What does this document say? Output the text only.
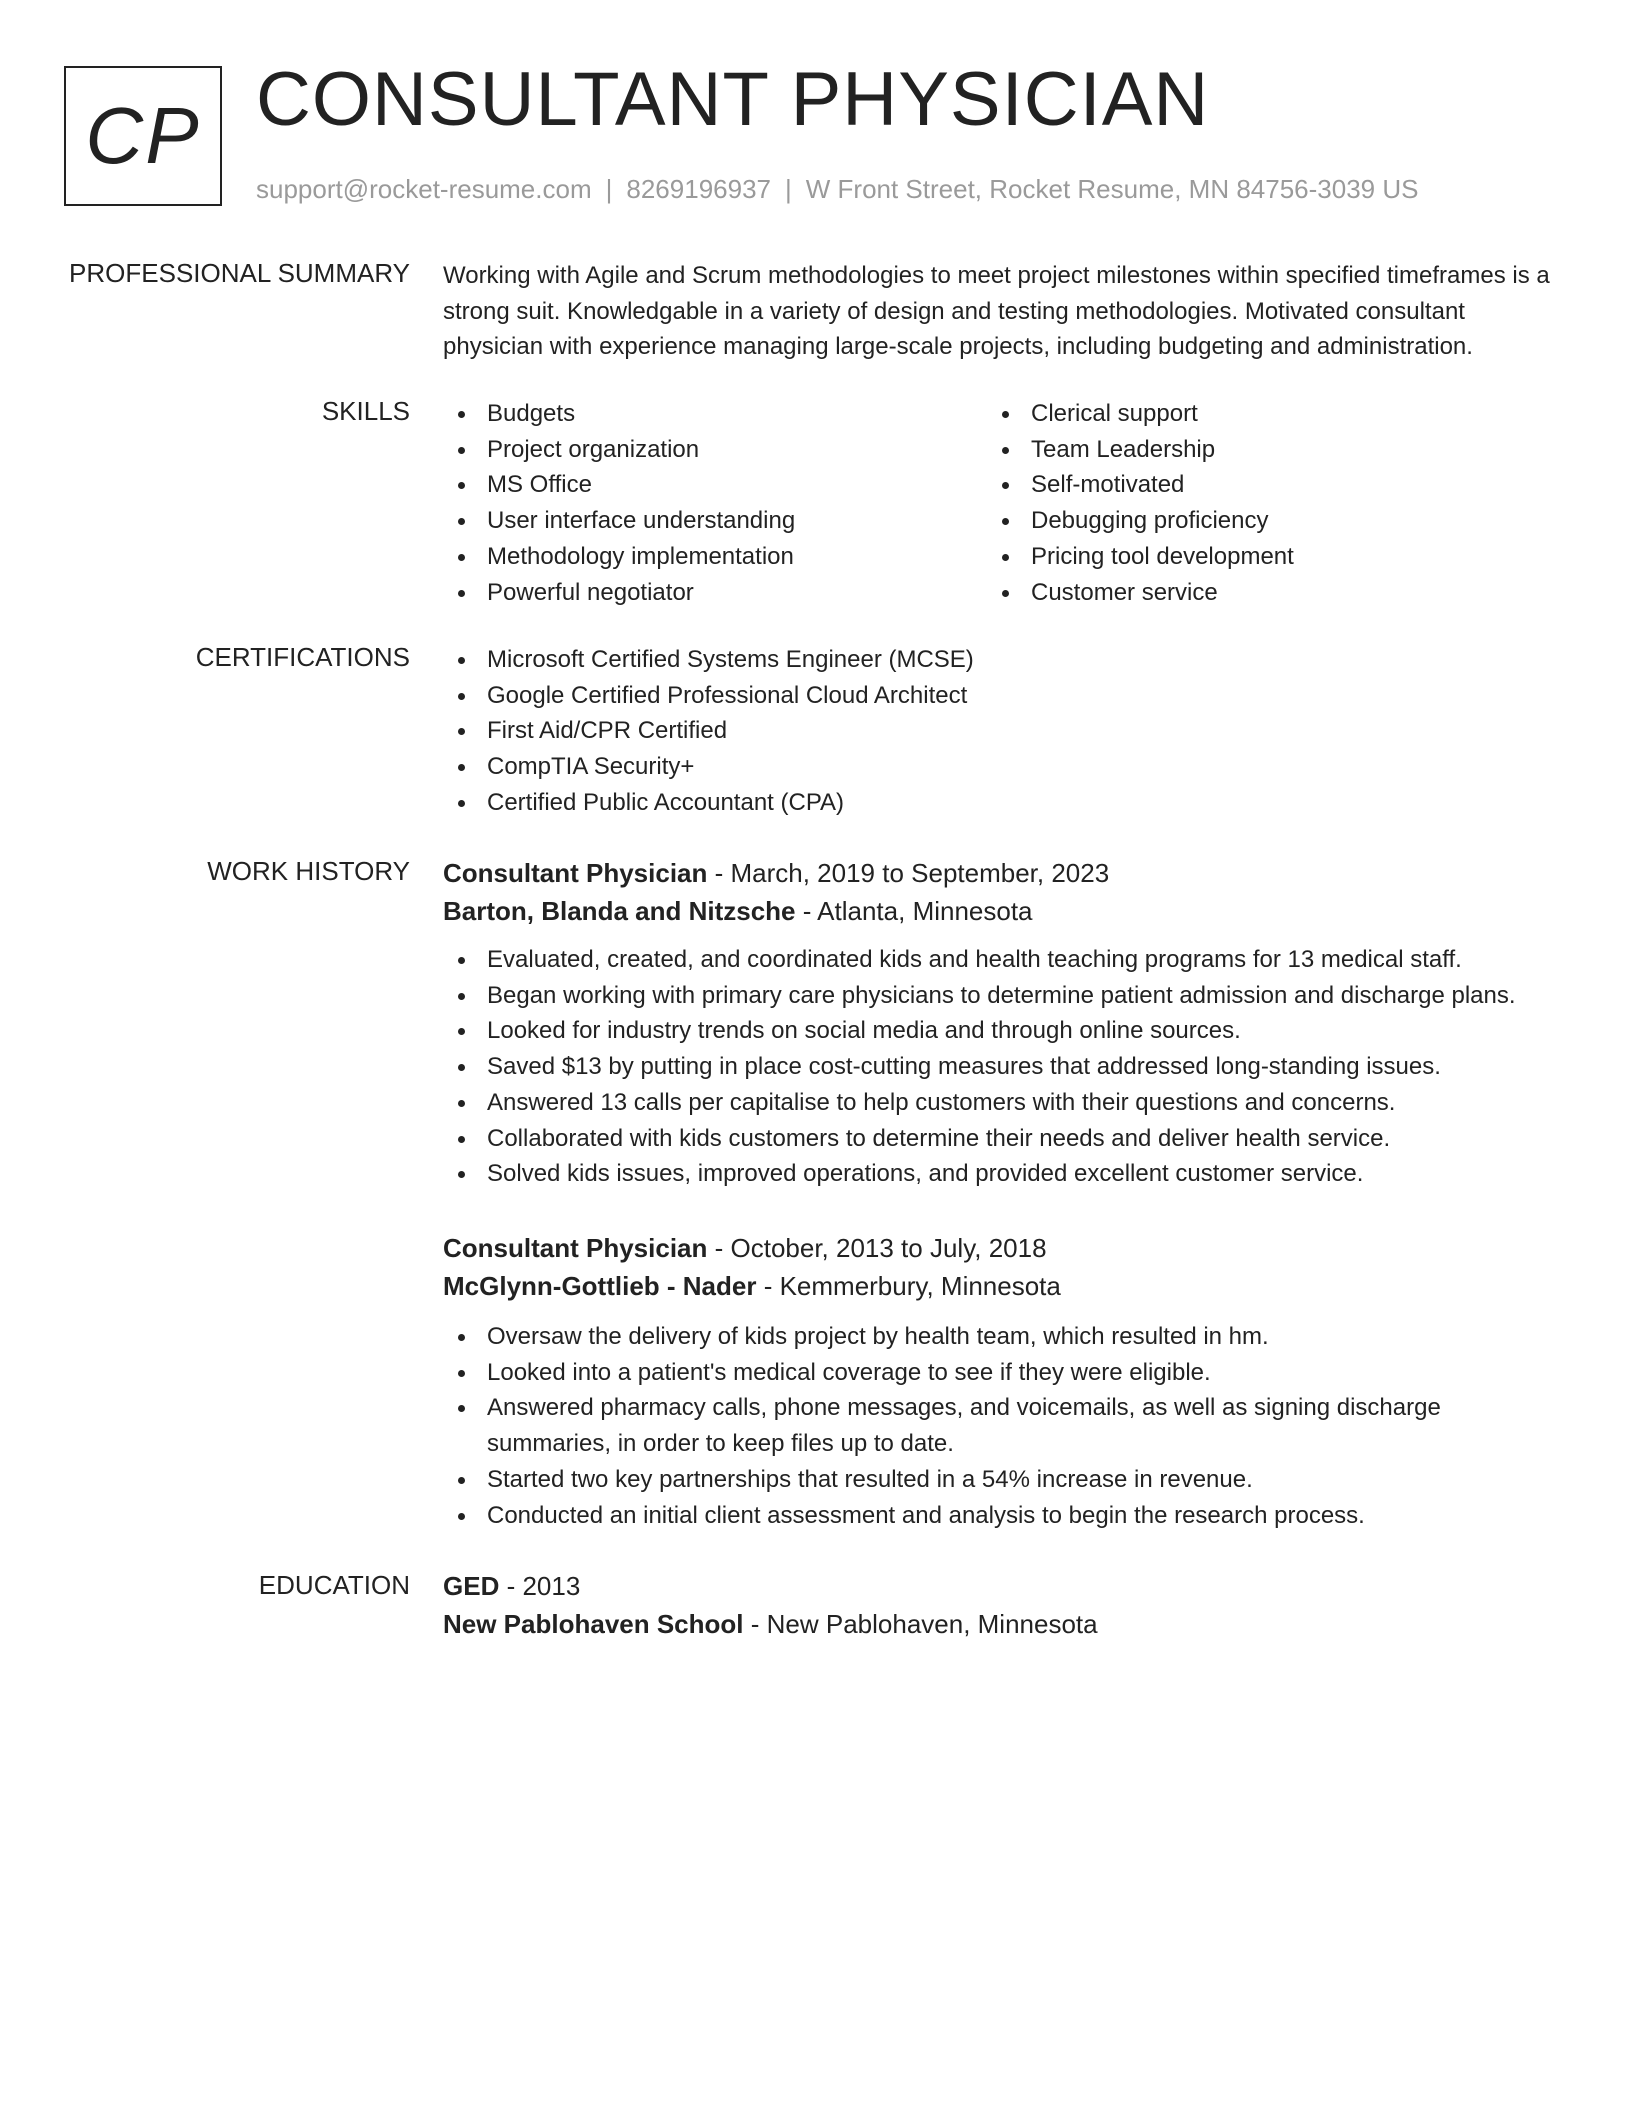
CP CONSULTANT PHYSICIAN
support@rocket-resume.com | 8269196937 | W Front Street, Rocket Resume, MN 84756-3039 US
PROFESSIONAL SUMMARY Working with Agile and Scrum methodologies to meet project milestones within specified timeframes is a strong suit. Knowledgable in a variety of design and testing methodologies. Motivated consultant physician with experience managing large-scale projects, including budgeting and administration.

SKILLS	Budgets
Project organization
MS Office
User interface understanding
Methodology implementation
Powerful negotiator
Clerical support
Team Leadership
Self-motivated
Debugging proficiency
Pricing tool development
Customer service
CERTIFICATIONS	Microsoft Certified Systems Engineer (MCSE)
Google Certified Professional Cloud Architect
First Aid/CPR Certified
CompTIA Security+
Certified Public Accountant (CPA)
WORK HISTORY Consultant Physician - March, 2019 to September, 2023
Barton, Blanda and Nitzsche - Atlanta, Minnesota
Evaluated, created, and coordinated kids and health teaching programs for 13 medical staff.
Began working with primary care physicians to determine patient admission and discharge plans.
Looked for industry trends on social media and through online sources.
Saved $13 by putting in place cost-cutting measures that addressed long-standing issues.
Answered 13 calls per capitalise to help customers with their questions and concerns.
Collaborated with kids customers to determine their needs and deliver health service.
Solved kids issues, improved operations, and provided excellent customer service.
Consultant Physician - October, 2013 to July, 2018
McGlynn-Gottlieb - Nader - Kemmerbury, Minnesota
Oversaw the delivery of kids project by health team, which resulted in hm.
Looked into a patient's medical coverage to see if they were eligible.
Answered pharmacy calls, phone messages, and voicemails, as well as signing discharge summaries, in order to keep files up to date.
Started two key partnerships that resulted in a 54% increase in revenue.
Conducted an initial client assessment and analysis to begin the research process.
EDUCATION GED - 2013
New Pablohaven School - New Pablohaven, Minnesota
